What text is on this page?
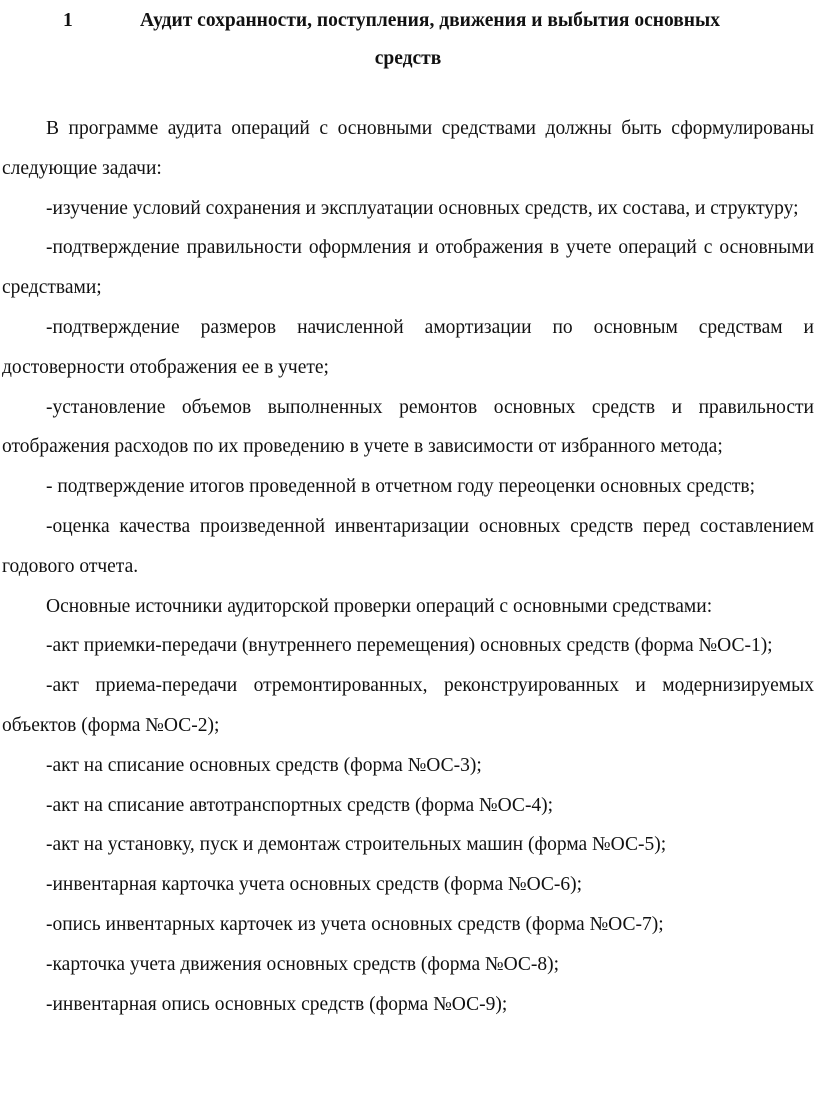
1	Аудит сохранности, поступления, движения и выбытия основных
средств

В программе аудита операций с основными средствами должны быть сформулированы следующие задачи:

-изучение условий сохранения и эксплуатации основных средств, их состава, и структуру;

-подтверждение правильности оформления и отображения в учете операций с основными средствами;

-подтверждение размеров начисленной амортизации по основным средствам и достоверности отображения ее в учете;

-установление объемов выполненных ремонтов основных средств и правильности отображения расходов по их проведению в учете в зависимости от избранного метода;

- подтверждение итогов проведенной в отчетном году переоценки основных средств;

-оценка качества произведенной инвентаризации основных средств перед составлением годового отчета.

Основные источники аудиторской проверки операций с основными средствами:

-акт приемки-передачи (внутреннего перемещения) основных средств (форма №ОС-1);

-акт приема-передачи отремонтированных, реконструированных и модернизируемых объектов (форма №ОС-2);

-акт на списание основных средств (форма №ОС-3);

-акт на списание автотранспортных средств (форма №ОС-4);

-акт на установку, пуск и демонтаж строительных машин (форма №ОС-5);

-инвентарная карточка учета основных средств (форма №ОС-6);

-опись инвентарных карточек из учета основных средств (форма №ОС-7);

-карточка учета движения основных средств (форма №ОС-8);

-инвентарная опись основных средств (форма №ОС-9);
